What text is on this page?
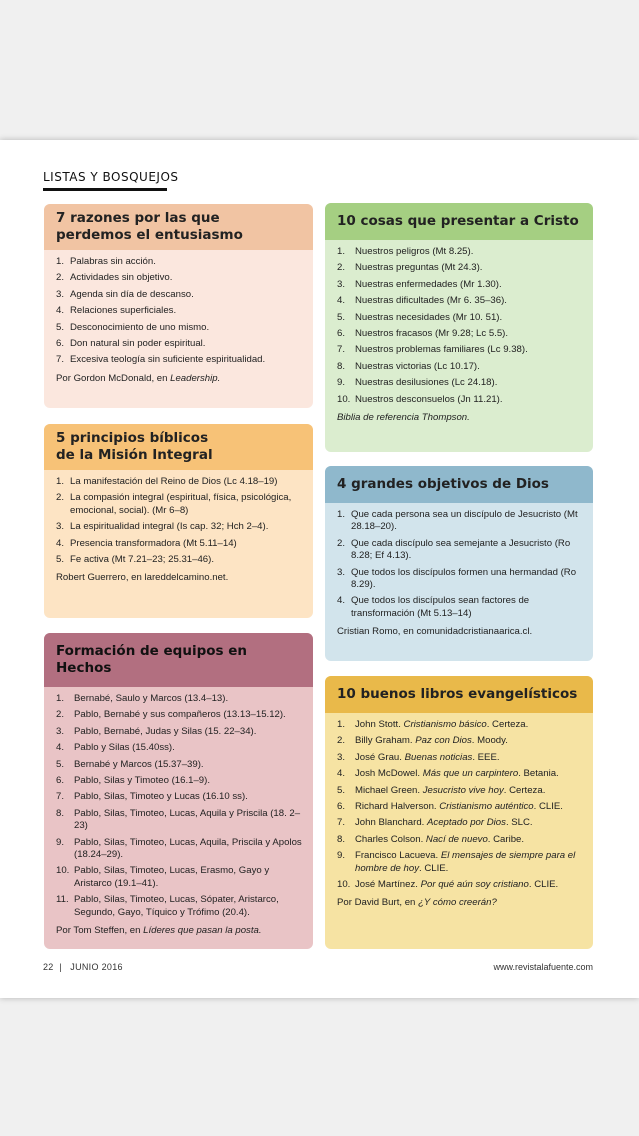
LISTAS Y BOSQUEJOS
7 razones por las que
perdemos el entusiasmo
1. Palabras sin acción.
2. Actividades sin objetivo.
3. Agenda sin día de descanso.
4. Relaciones superficiales.
5. Desconocimiento de uno mismo.
6. Don natural sin poder espiritual.
7. Excesiva teología sin suficiente espiritualidad.
Por Gordon McDonald, en Leadership.
5 principios bíblicos
de la Misión Integral
1. La manifestación del Reino de Dios (Lc 4.18–19)
2. La compasión integral (espiritual, física, psicológica, emocional, social). (Mr 6–8)
3. La espiritualidad integral (Is cap. 32; Hch 2–4).
4. Presencia transformadora (Mt 5.11–14)
5. Fe activa (Mt 7.21–23; 25.31–46).
Robert Guerrero, en lareddelcamino.net.
Formación de equipos en Hechos
1. Bernabé, Saulo y Marcos (13.4–13).
2. Pablo, Bernabé y sus compañeros (13.13–15.12).
3. Pablo, Bernabé, Judas y Silas (15. 22–34).
4. Pablo y Silas (15.40ss).
5. Bernabé y Marcos (15.37–39).
6. Pablo, Silas y Timoteo (16.1–9).
7. Pablo, Silas, Timoteo y Lucas (16.10 ss).
8. Pablo, Silas, Timoteo, Lucas, Aquila y Priscila (18. 2–23)
9. Pablo, Silas, Timoteo, Lucas, Aquila, Priscila y Apolos (18.24–29).
10. Pablo, Silas, Timoteo, Lucas, Erasmo, Gayo y Aristarco (19.1–41).
11. Pablo, Silas, Timoteo, Lucas, Sópater, Aristarco, Segundo, Gayo, Tíquico y Trófimo (20.4).
Por Tom Steffen, en Líderes que pasan la posta.
10 cosas que presentar a Cristo
1. Nuestros peligros (Mt 8.25).
2. Nuestras preguntas (Mt 24.3).
3. Nuestras enfermedades (Mr 1.30).
4. Nuestras dificultades (Mr 6. 35–36).
5. Nuestras necesidades (Mr 10. 51).
6. Nuestros fracasos (Mr 9.28; Lc 5.5).
7. Nuestros problemas familiares (Lc 9.38).
8. Nuestras victorias (Lc 10.17).
9. Nuestras desilusiones (Lc 24.18).
10. Nuestros desconsuelos (Jn 11.21).
Biblia de referencia Thompson.
4 grandes objetivos de Dios
1. Que cada persona sea un discípulo de Jesucristo (Mt 28.18–20).
2. Que cada discípulo sea semejante a Jesucristo (Ro 8.28; Ef 4.13).
3. Que todos los discípulos formen una hermandad (Ro 8.29).
4. Que todos los discípulos sean factores de transformación (Mt 5.13–14)
Cristian Romo, en comunidadcristianaarica.cl.
10 buenos libros evangelísticos
1. John Stott. Cristianismo básico. Certeza.
2. Billy Graham. Paz con Dios. Moody.
3. José Grau. Buenas noticias. EEE.
4. Josh McDowel. Más que un carpintero. Betania.
5. Michael Green. Jesucristo vive hoy. Certeza.
6. Richard Halverson. Cristianismo auténtico. CLIE.
7. John Blanchard. Aceptado por Dios. SLC.
8. Charles Colson. Nací de nuevo. Caribe.
9. Francisco Lacueva. El mensajes de siempre para el hombre de hoy. CLIE.
10. José Martínez. Por qué aún soy cristiano. CLIE.
Por David Burt, en ¿Y cómo creerán?
22 | JUNIO 2016	www.revistalafuente.com
